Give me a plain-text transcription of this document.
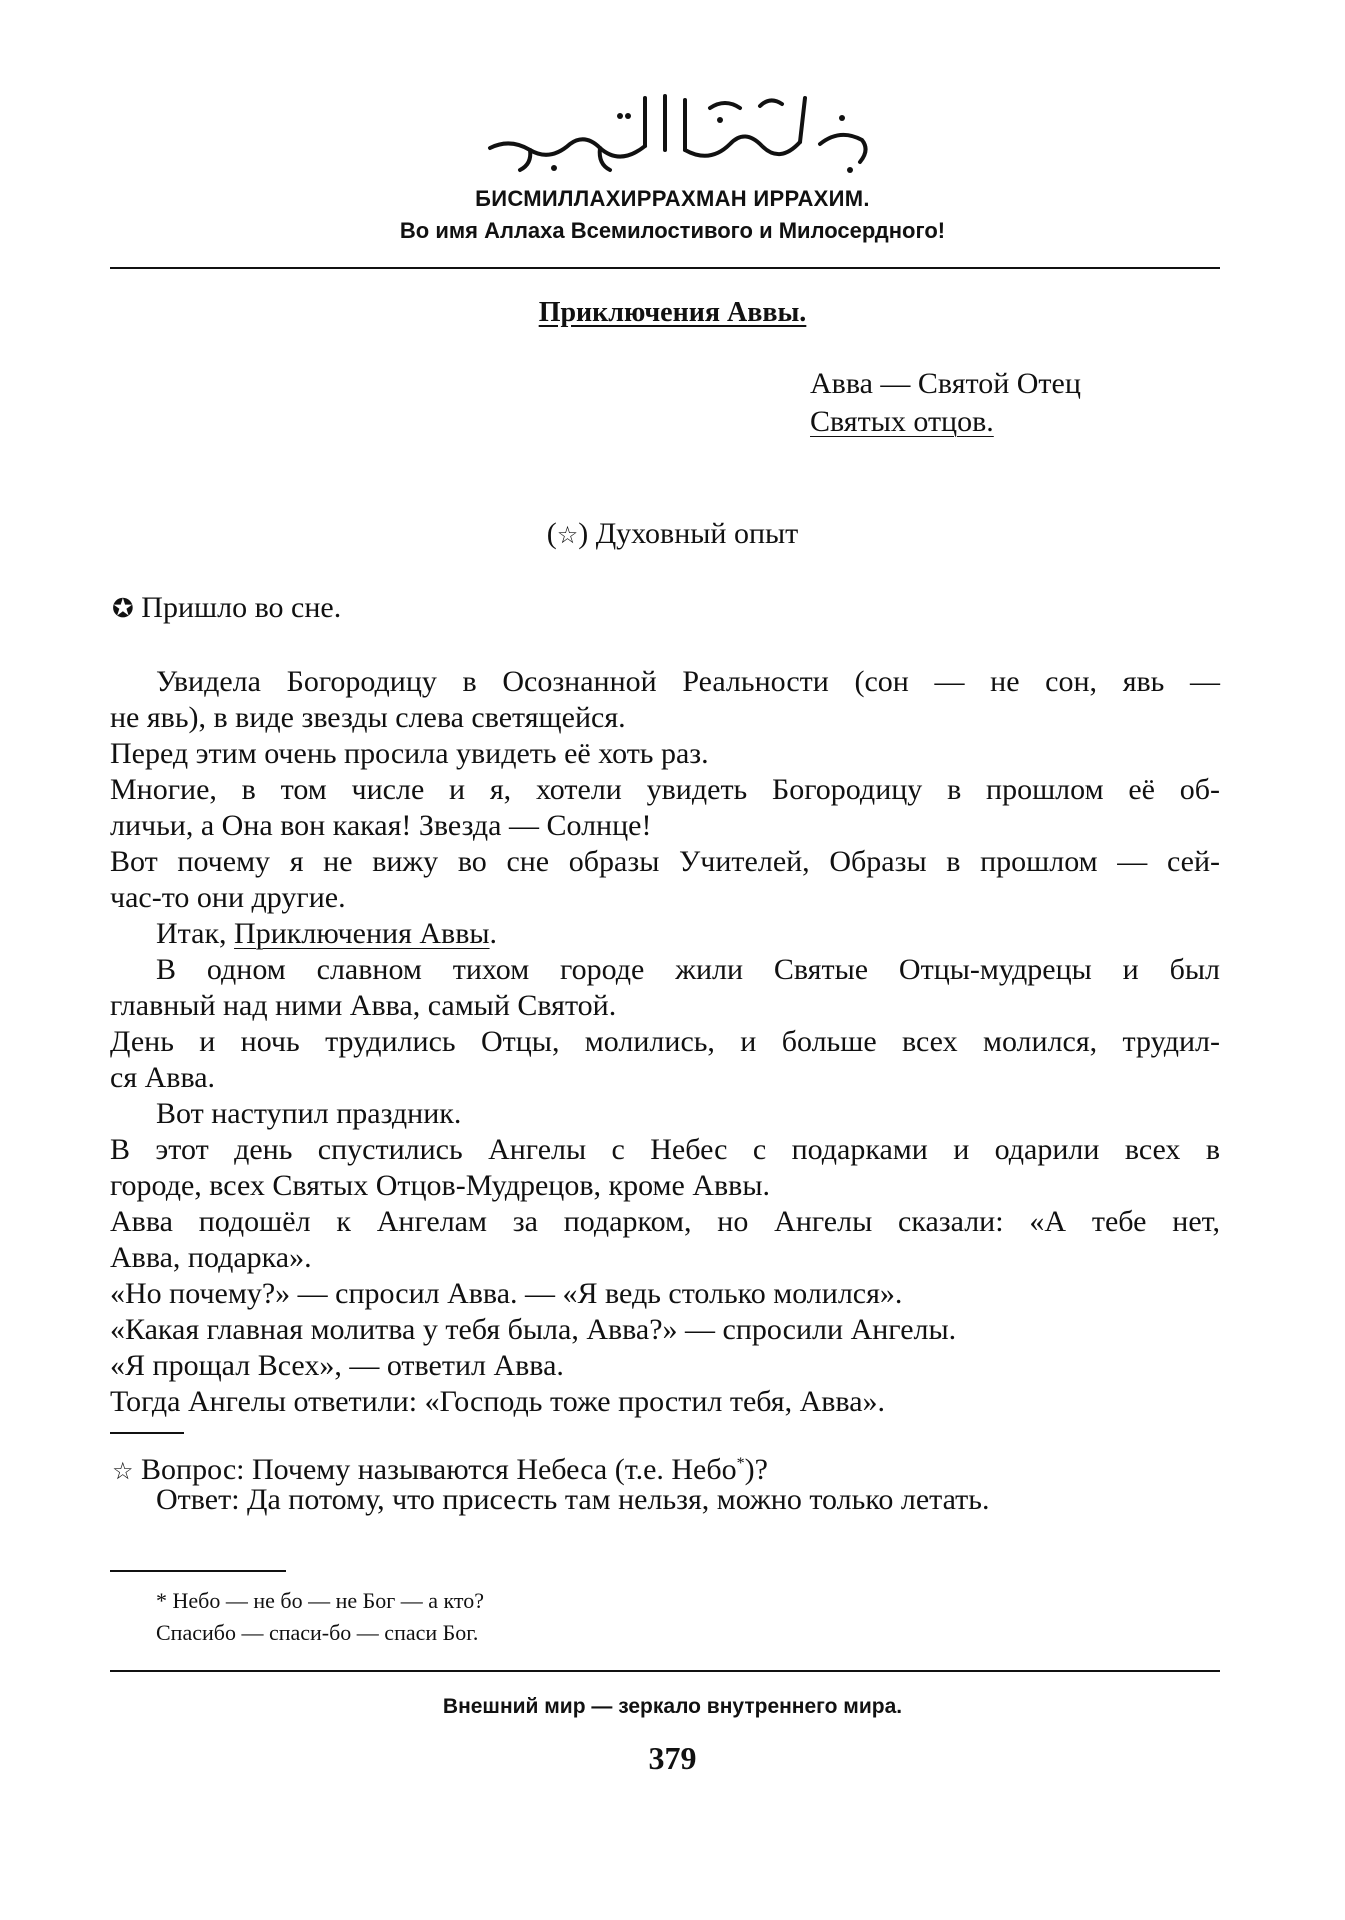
БИСМИЛЛАХИРРАХМАН ИРРАХИМ.
Во имя Аллаха Всемилостивого и Милосердного!
Приключения Аввы.
Авва — Святой Отец
Святых отцов.
(☆) Духовный опыт
✪ Пришло во сне.
Увидела Богородицу в Осознанной Реальности (сон — не сон, явь —
не явь), в виде звезды слева светящейся.
Перед этим очень просила увидеть её хоть раз.
Многие, в том числе и я, хотели увидеть Богородицу в прошлом её об-
личьи, а Она вон какая! Звезда — Солнце!
Вот почему я не вижу во сне образы Учителей, Образы в прошлом — сей-
час-то они другие.
Итак, Приключения Аввы.
В одном славном тихом городе жили Святые Отцы-мудрецы и был
главный над ними Авва, самый Святой.
День и ночь трудились Отцы, молились, и больше всех молился, трудил-
ся Авва.
Вот наступил праздник.
В этот день спустились Ангелы с Небес с подарками и одарили всех в
городе, всех Святых Отцов-Мудрецов, кроме Аввы.
Авва подошёл к Ангелам за подарком, но Ангелы сказали: «А тебе нет,
Авва, подарка».
«Но почему?» — спросил Авва. — «Я ведь столько молился».
«Какая главная молитва у тебя была, Авва?» — спросили Ангелы.
«Я прощал Всех», — ответил Авва.
Тогда Ангелы ответили: «Господь тоже простил тебя, Авва».
☆ Вопрос: Почему называются Небеса (т.е. Небо*)?
Ответ: Да потому, что присесть там нельзя, можно только летать.
* Небо — не бо — не Бог — а кто?
Спасибо — спаси-бо — спаси Бог.
Внешний мир — зеркало внутреннего мира.
379
